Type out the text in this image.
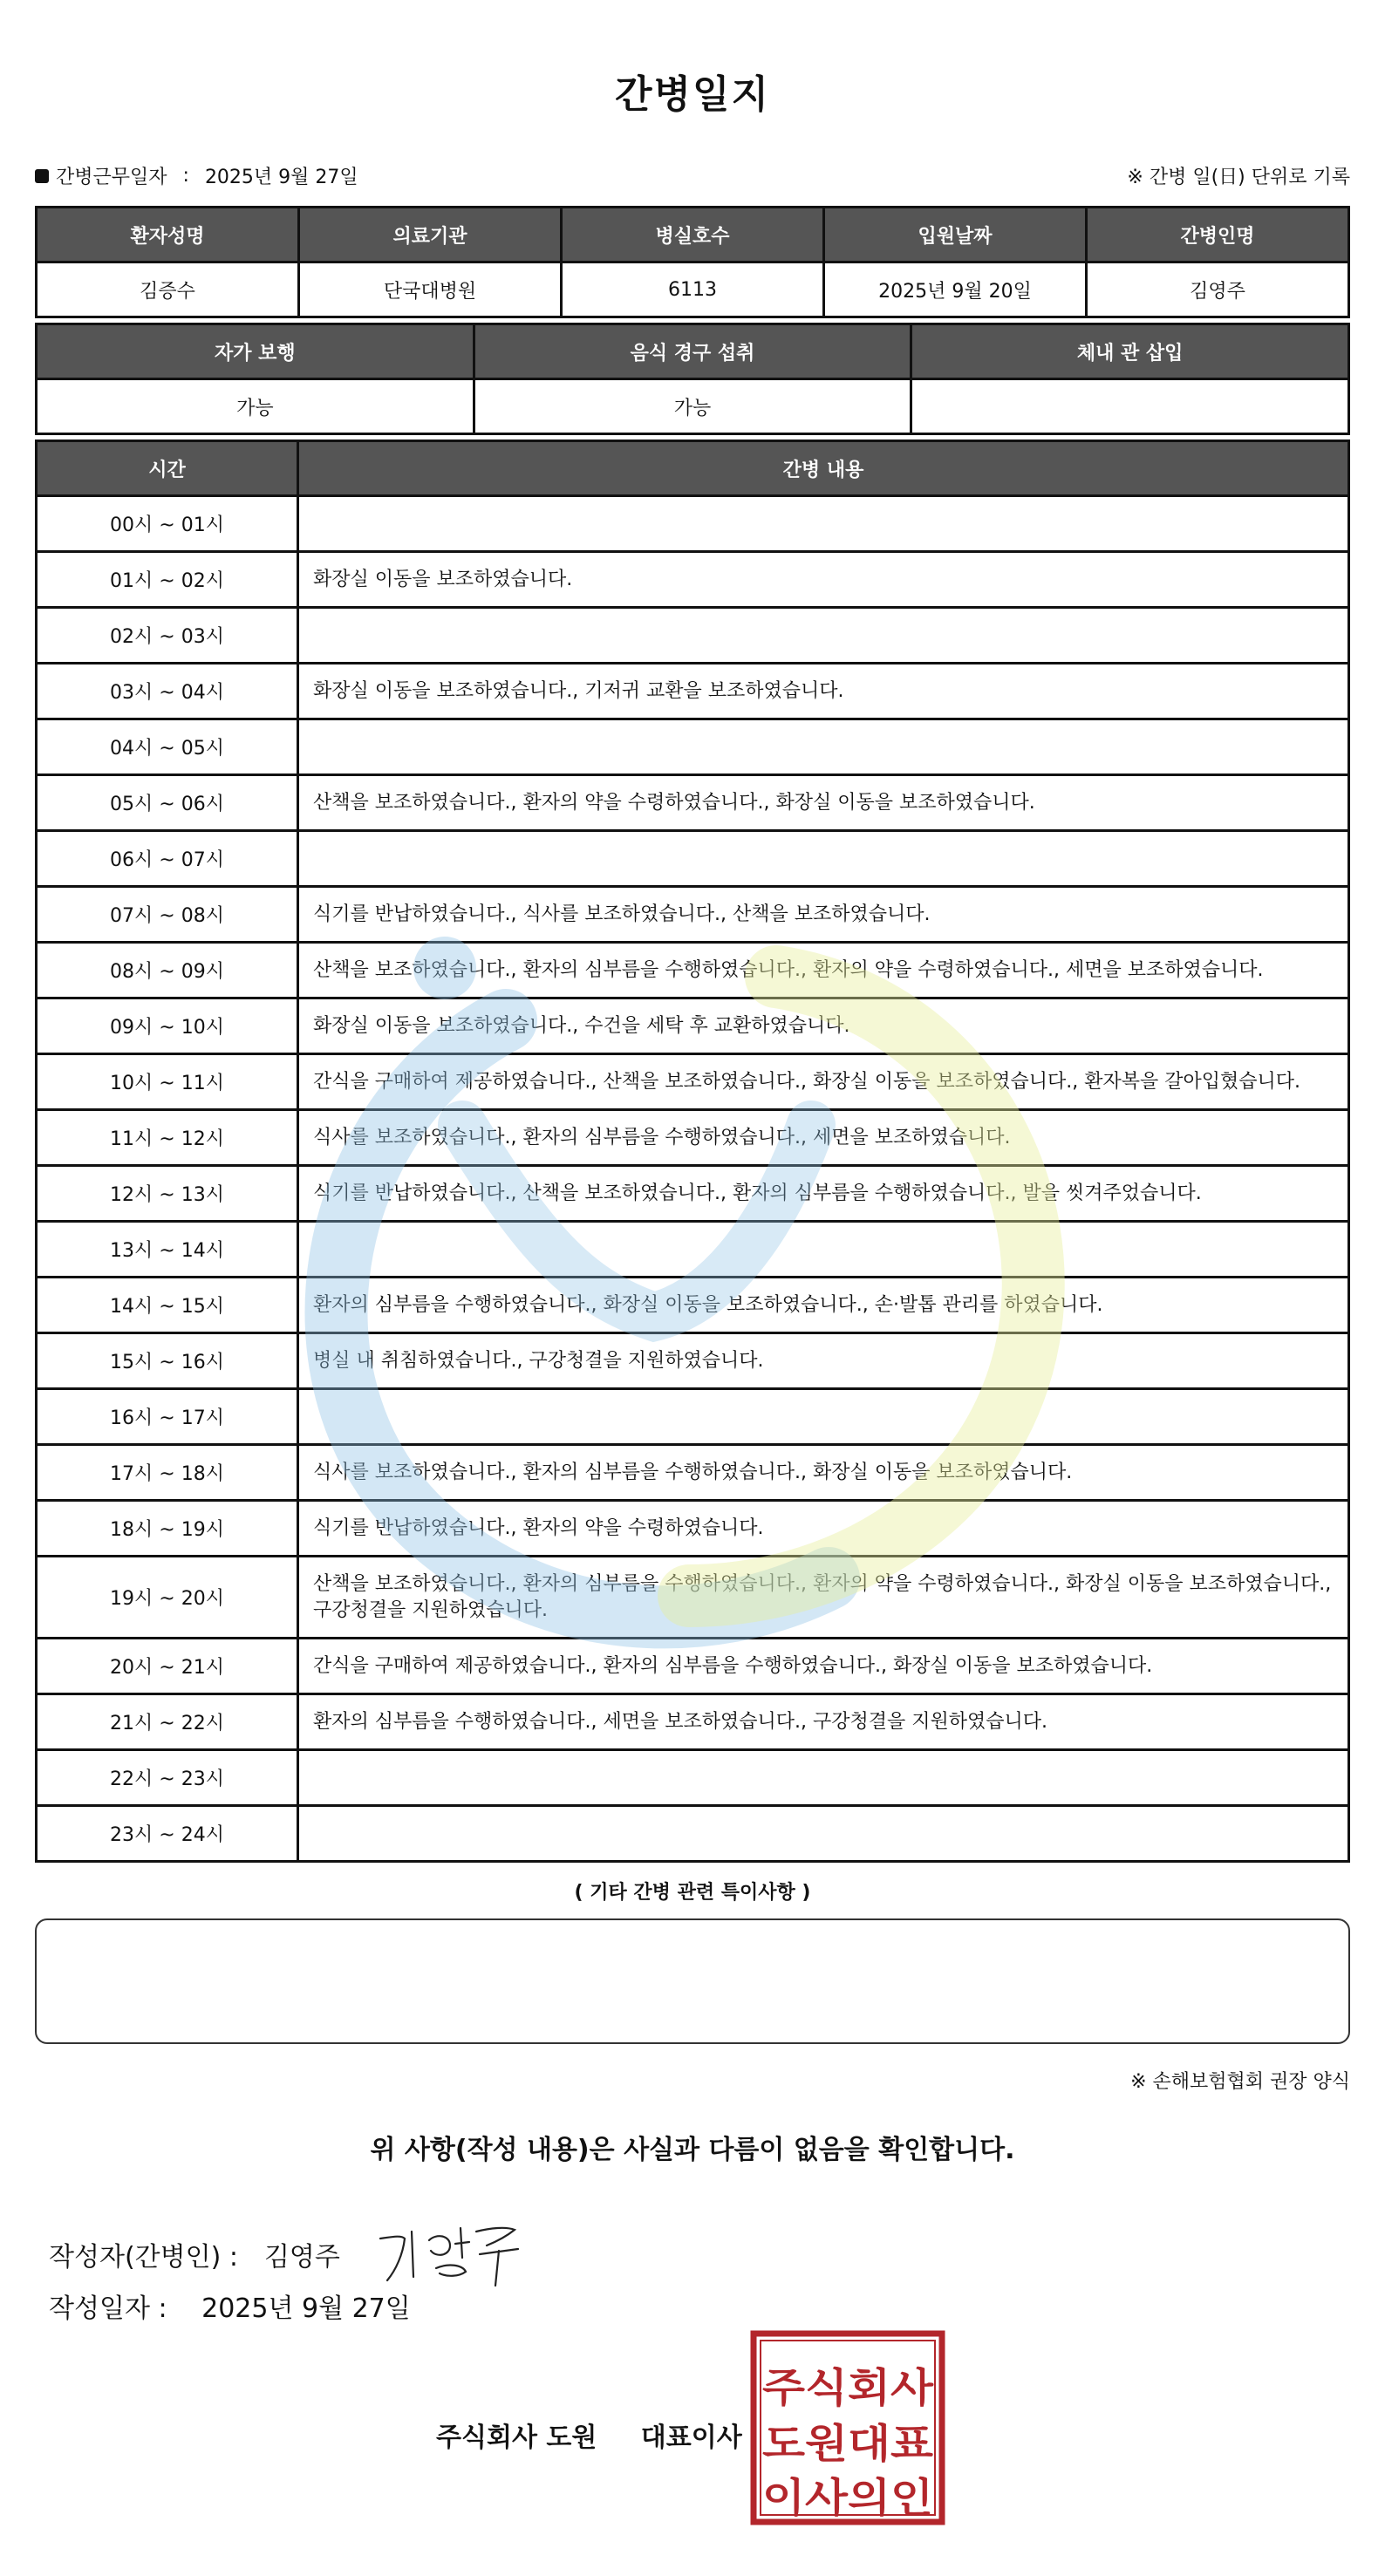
간병일지
간병근무일자 : 2025년 9월 27일	※ 간병 일(日) 단위로 기록
환자성명	의료기관	병실호수	입원날짜	간병인명
김증수	단국대병원	6113	2025년 9월 20일	김영주
자가 보행	음식 경구 섭취	체내 관 삽입
가능	가능	
시간	간병 내용
00시 ~ 01시	
01시 ~ 02시	화장실 이동을 보조하였습니다.
02시 ~ 03시	
03시 ~ 04시	화장실 이동을 보조하였습니다., 기저귀 교환을 보조하였습니다.
04시 ~ 05시	
05시 ~ 06시	산책을 보조하였습니다., 환자의 약을 수령하였습니다., 화장실 이동을 보조하였습니다.
06시 ~ 07시	
07시 ~ 08시	식기를 반납하였습니다., 식사를 보조하였습니다., 산책을 보조하였습니다.
08시 ~ 09시	산책을 보조하였습니다., 환자의 심부름을 수행하였습니다., 환자의 약을 수령하였습니다., 세면을 보조하였습니다.
09시 ~ 10시	화장실 이동을 보조하였습니다., 수건을 세탁 후 교환하였습니다.
10시 ~ 11시	간식을 구매하여 제공하였습니다., 산책을 보조하였습니다., 화장실 이동을 보조하였습니다., 환자복을 갈아입혔습니다.
11시 ~ 12시	식사를 보조하였습니다., 환자의 심부름을 수행하였습니다., 세면을 보조하였습니다.
12시 ~ 13시	식기를 반납하였습니다., 산책을 보조하였습니다., 환자의 심부름을 수행하였습니다., 발을 씻겨주었습니다.
13시 ~ 14시	
14시 ~ 15시	환자의 심부름을 수행하였습니다., 화장실 이동을 보조하였습니다., 손·발톱 관리를 하였습니다.
15시 ~ 16시	병실 내 취침하였습니다., 구강청결을 지원하였습니다.
16시 ~ 17시	
17시 ~ 18시	식사를 보조하였습니다., 환자의 심부름을 수행하였습니다., 화장실 이동을 보조하였습니다.
18시 ~ 19시	식기를 반납하였습니다., 환자의 약을 수령하였습니다.
19시 ~ 20시	산책을 보조하였습니다., 환자의 심부름을 수행하였습니다., 환자의 약을 수령하였습니다., 화장실 이동을 보조하였습니다., 구강청결을 지원하였습니다.
20시 ~ 21시	간식을 구매하여 제공하였습니다., 환자의 심부름을 수행하였습니다., 화장실 이동을 보조하였습니다.
21시 ~ 22시	환자의 심부름을 수행하였습니다., 세면을 보조하였습니다., 구강청결을 지원하였습니다.
22시 ~ 23시	
23시 ~ 24시	
( 기타 간병 관련 특이사항 )
※ 손해보험협회 권장 양식
위 사항(작성 내용)은 사실과 다름이 없음을 확인합니다.
작성자(간병인) : 김영주
작성일자 : 2025년 9월 27일
주식회사 도원 대표이사
주식회사
도원대표
이사의인
